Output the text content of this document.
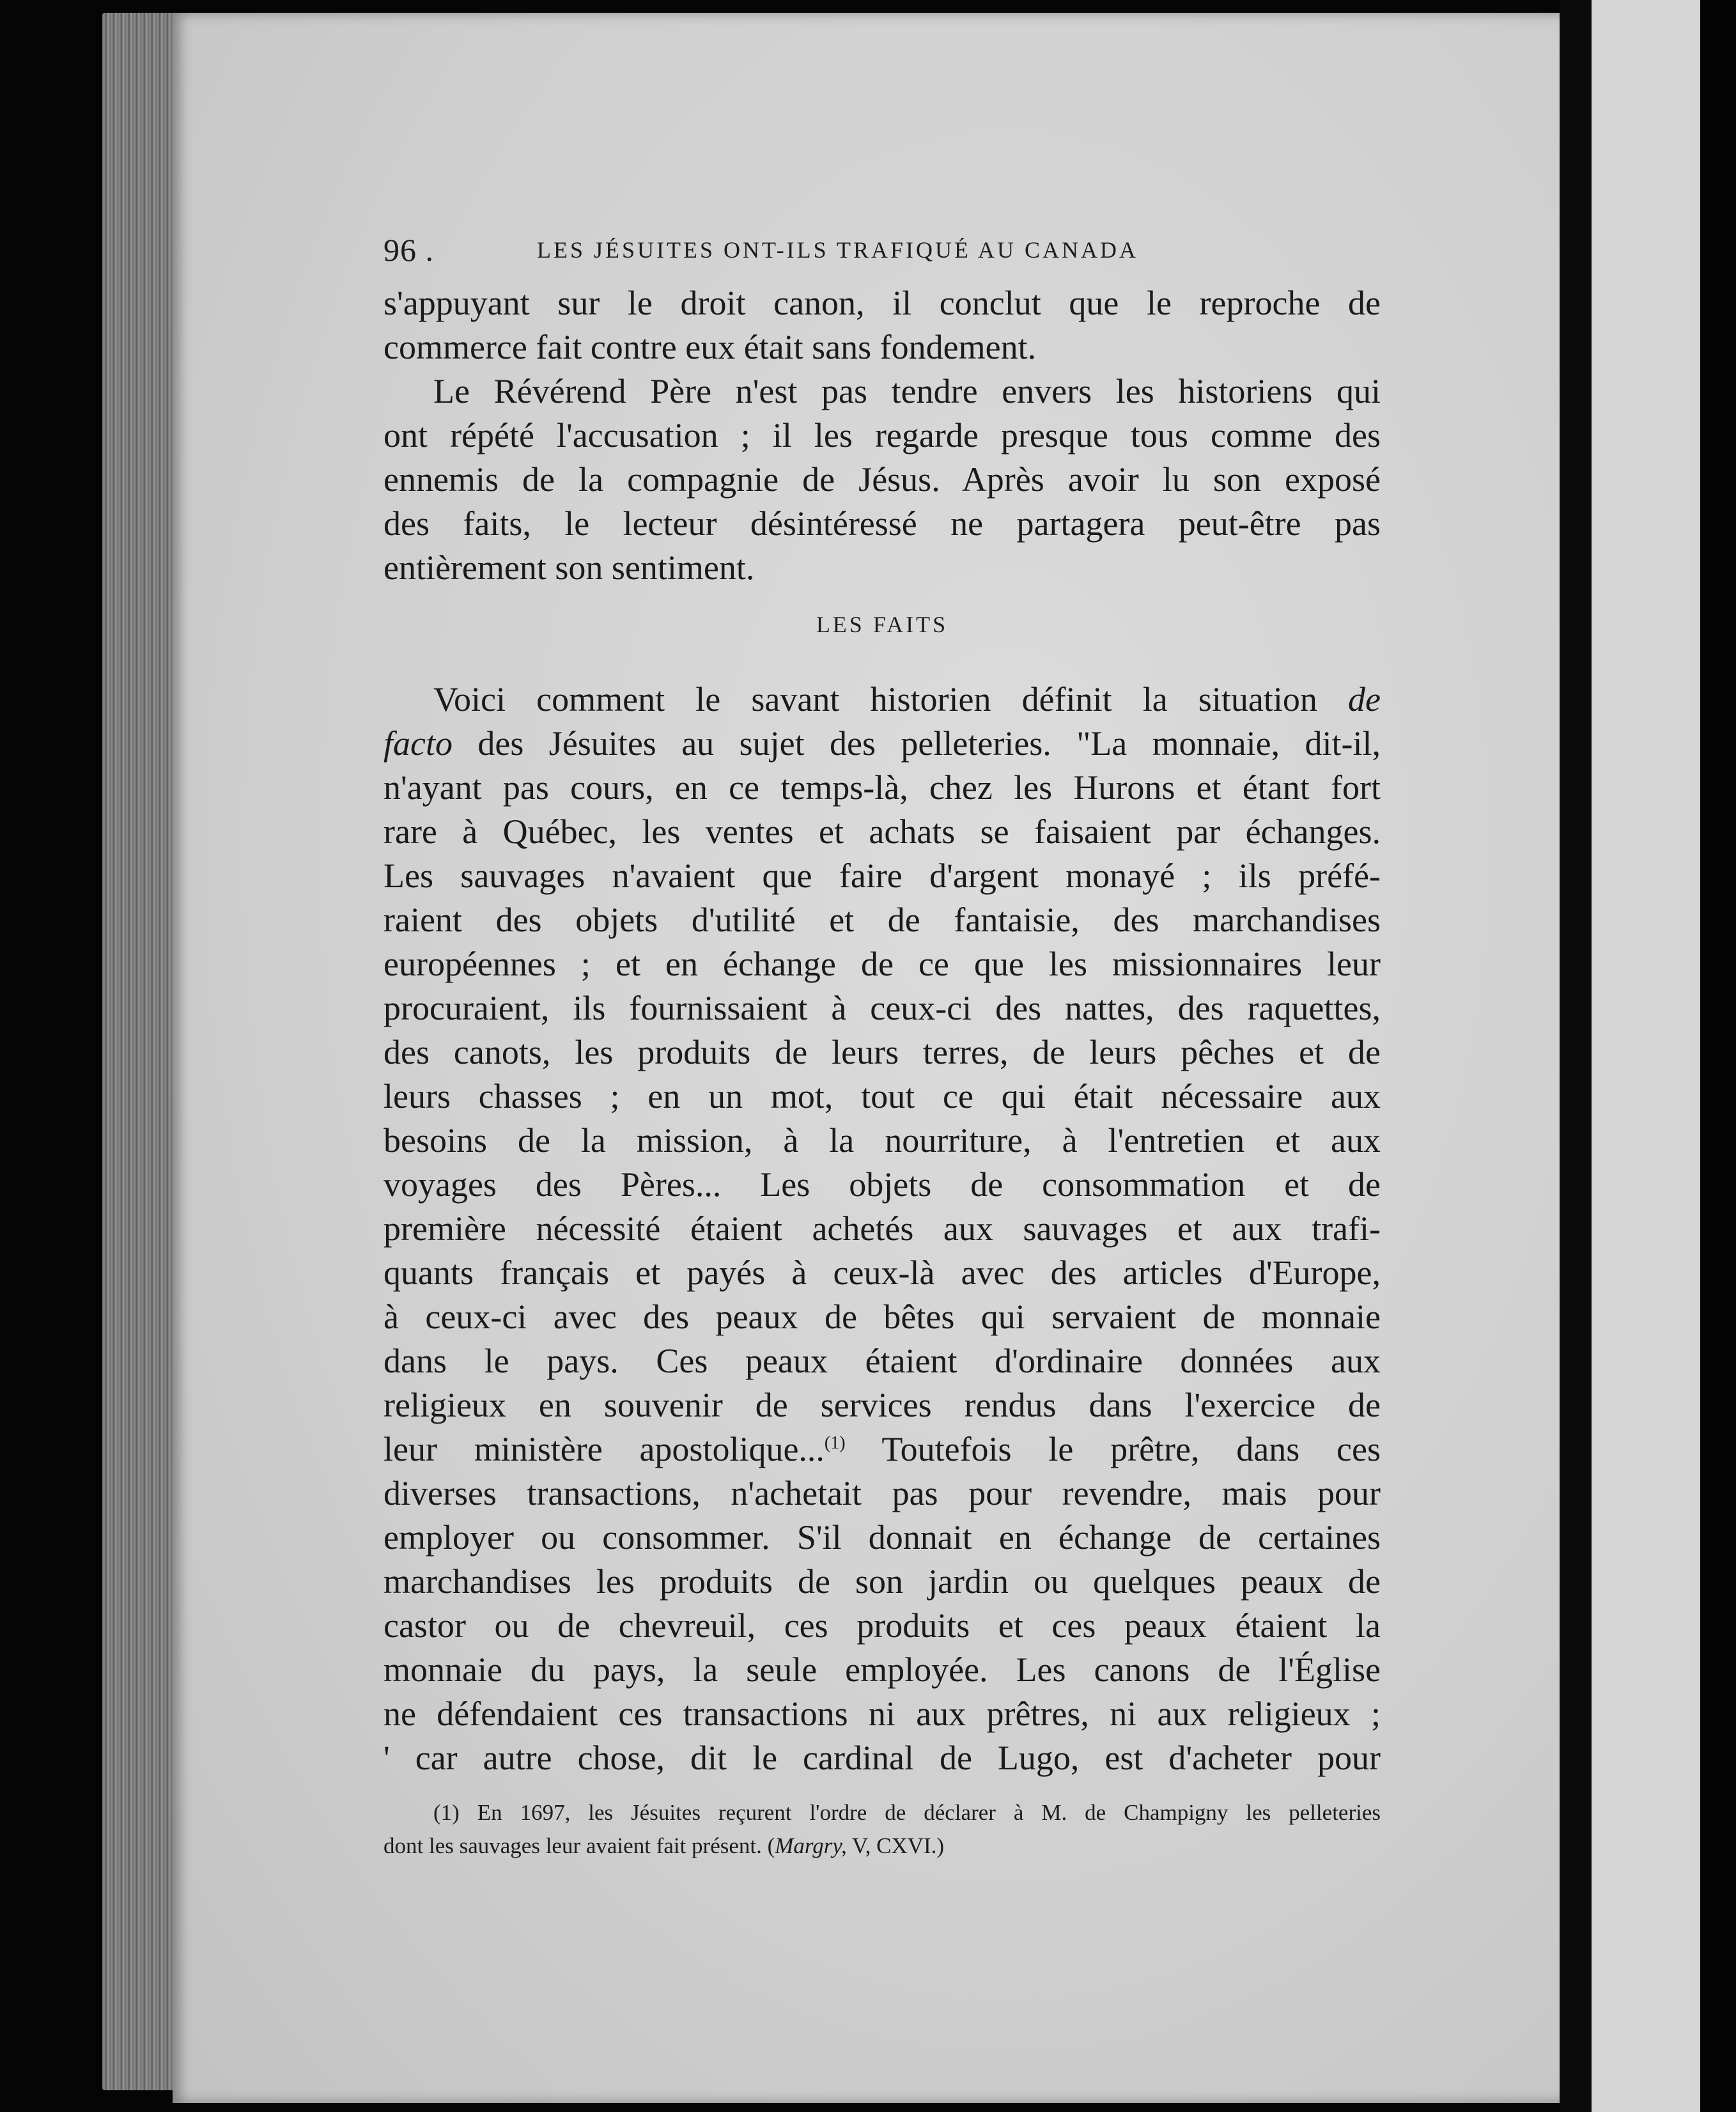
96 .	LES JÉSUITES ONT-ILS TRAFIQUÉ AU CANADA
s'appuyant sur le droit canon, il conclut que le reproche de
commerce fait contre eux était sans fondement.
Le Révérend Père n'est pas tendre envers les historiens qui
ont répété l'accusation ; il les regarde presque tous comme des
ennemis de la compagnie de Jésus. Après avoir lu son exposé
des faits, le lecteur désintéressé ne partagera peut-être pas
entièrement son sentiment.
LES FAITS
Voici comment le savant historien définit la situation de
facto des Jésuites au sujet des pelleteries. "La monnaie, dit-il,
n'ayant pas cours, en ce temps-là, chez les Hurons et étant fort
rare à Québec, les ventes et achats se faisaient par échanges.
Les sauvages n'avaient que faire d'argent monayé ; ils préfé-
raient des objets d'utilité et de fantaisie, des marchandises
européennes ; et en échange de ce que les missionnaires leur
procuraient, ils fournissaient à ceux-ci des nattes, des raquettes,
des canots, les produits de leurs terres, de leurs pêches et de
leurs chasses ; en un mot, tout ce qui était nécessaire aux
besoins de la mission, à la nourriture, à l'entretien et aux
voyages des Pères... Les objets de consommation et de
première nécessité étaient achetés aux sauvages et aux trafi-
quants français et payés à ceux-là avec des articles d'Europe,
à ceux-ci avec des peaux de bêtes qui servaient de monnaie
dans le pays. Ces peaux étaient d'ordinaire données aux
religieux en souvenir de services rendus dans l'exercice de
leur ministère apostolique...$^{(1)}$ Toutefois le prêtre, dans ces
diverses transactions, n'achetait pas pour revendre, mais pour
employer ou consommer. S'il donnait en échange de certaines
marchandises les produits de son jardin ou quelques peaux de
castor ou de chevreuil, ces produits et ces peaux étaient la
monnaie du pays, la seule employée. Les canons de l'Église
ne défendaient ces transactions ni aux prêtres, ni aux religieux ;
' car autre chose, dit le cardinal de Lugo, est d'acheter pour
(1) En 1697, les Jésuites reçurent l'ordre de déclarer à M. de Champigny les pelleteries
dont les sauvages leur avaient fait présent. (Margry, V, CXVI.)
